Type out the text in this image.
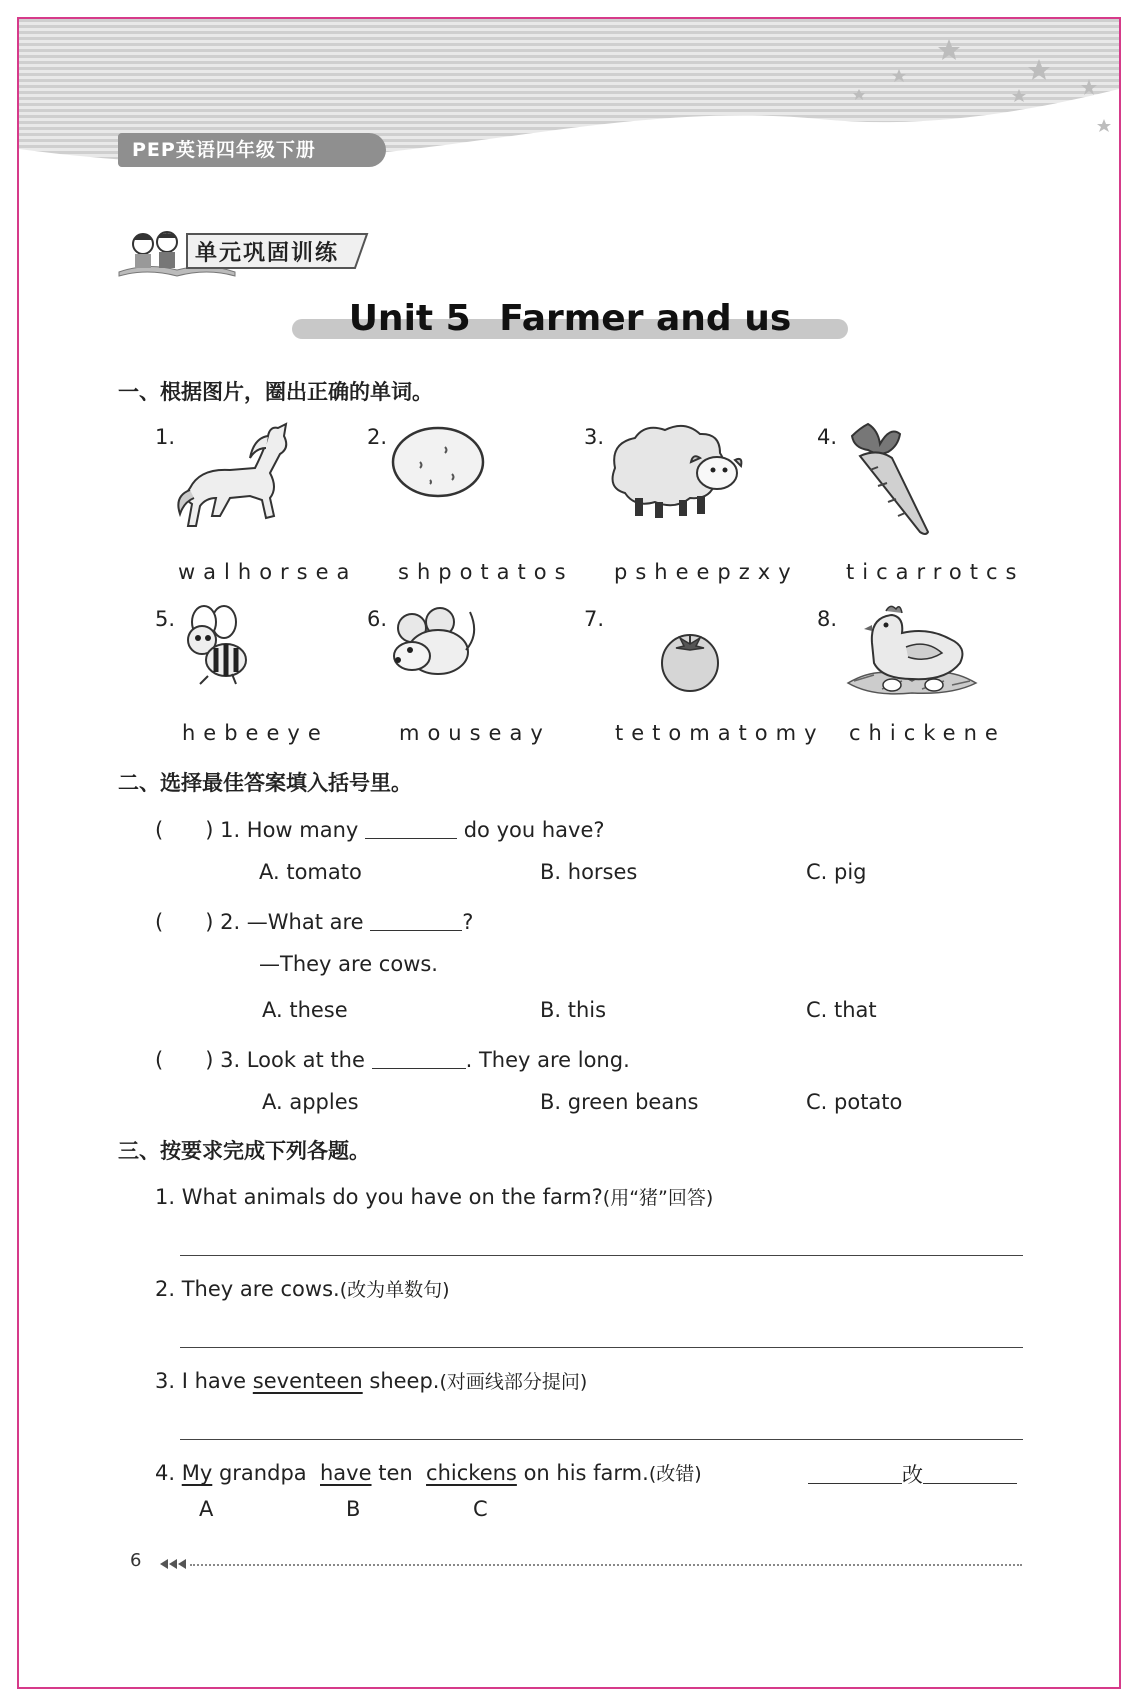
PEP英语四年级下册
单元巩固训练
Unit 5 Farmer and us
一、根据图片，圈出正确的单词。
1.	2.	3.	4.
walhorsea shpotatos psheepzxy ticarrotcs
5.	6.	7.	8.
hebeeye	mouseay	tetomatomy chickene
二、选择最佳答案填入括号里。
(　　) 1. How many	do you have?
A. tomato	B. horses	C. pig
(　　) 2. —What are	?
—They are cows.
A. these	B. this	C. that
(　　) 3. Look at the	. They are long.
A. apples	B. green beans	C. potato
三、按要求完成下列各题。
1. What animals do you have on the farm?(用“猪”回答)
2. They are cows.(改为单数句)
3. I have seventeen sheep.(对画线部分提问)
4. My grandpa have ten chickens on his farm.(改错)	改
A	B	C
6
